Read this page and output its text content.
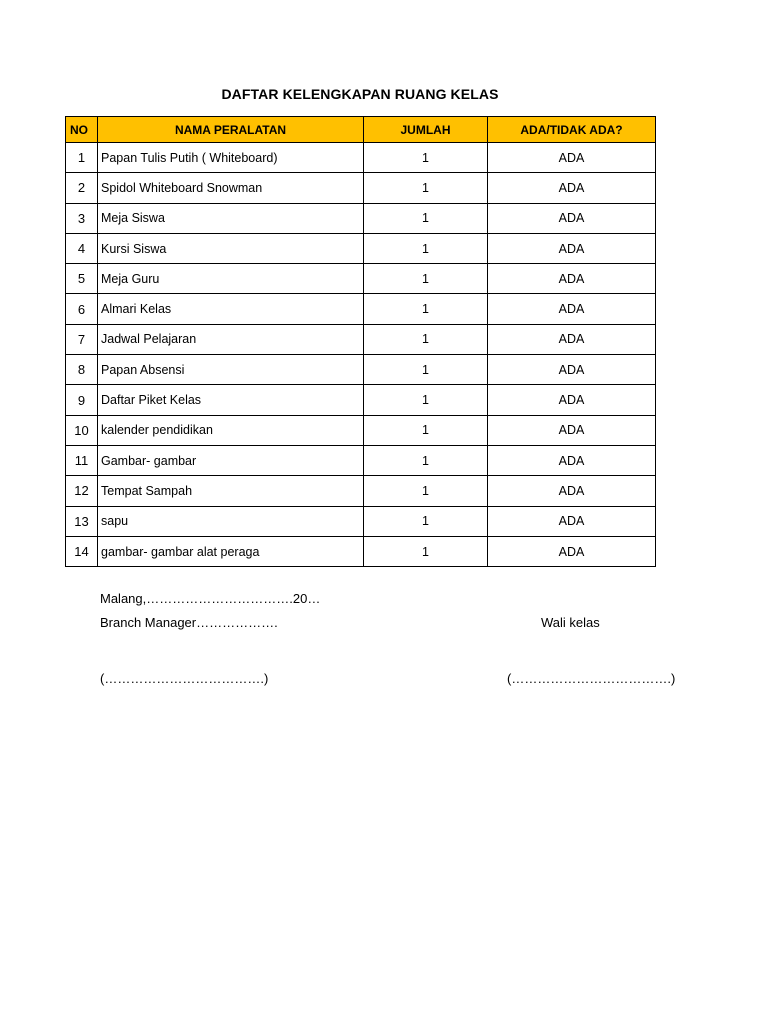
DAFTAR KELENGKAPAN RUANG KELAS
NO	NAMA PERALATAN	JUMLAH	ADA/TIDAK ADA?
1	Papan Tulis Putih ( Whiteboard)	1	ADA
2	Spidol Whiteboard Snowman	1	ADA
3	Meja Siswa	1	ADA
4	Kursi Siswa	1	ADA
5	Meja Guru	1	ADA
6	Almari Kelas	1	ADA
7	Jadwal Pelajaran	1	ADA
8	Papan Absensi	1	ADA
9	Daftar Piket Kelas	1	ADA
10	kalender pendidikan	1	ADA
11	Gambar- gambar	1	ADA
12	Tempat Sampah	1	ADA
13	sapu	1	ADA
14	gambar- gambar alat peraga	1	ADA
Malang,…………………………….20…
Branch Manager……………….	Wali kelas
(……………………………….)	(……………………………….)
